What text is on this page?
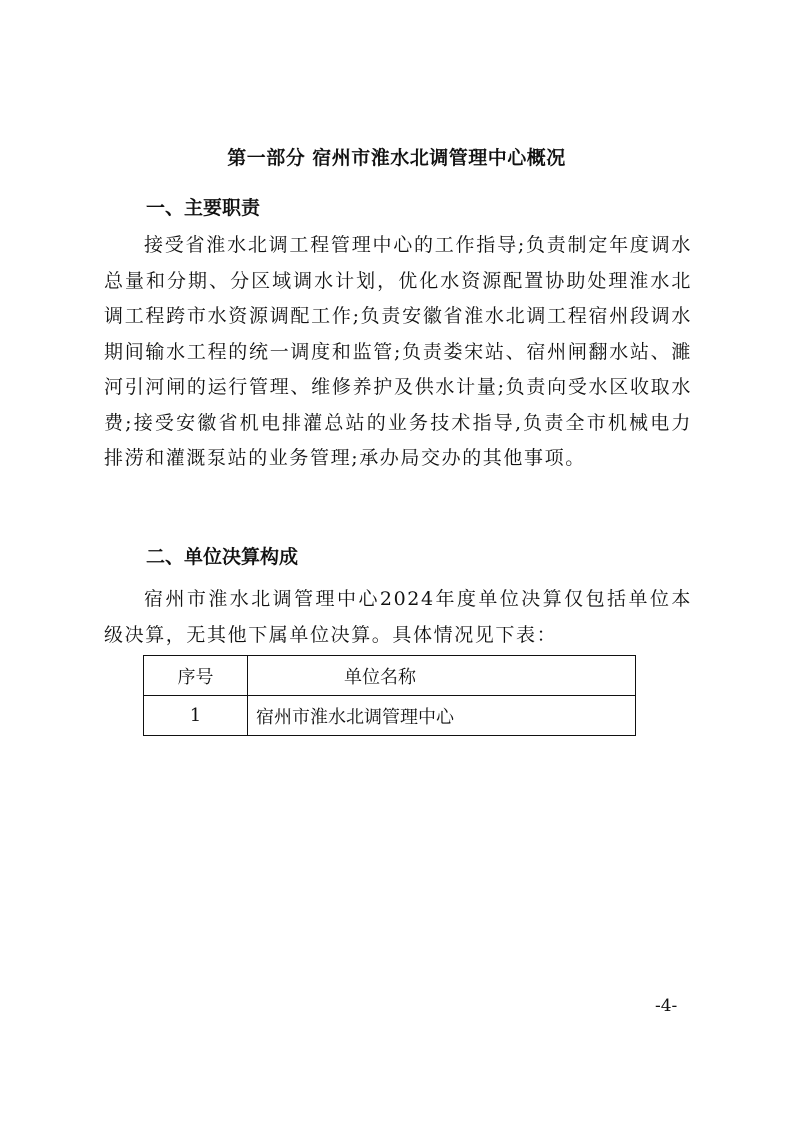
第一部分 宿州市淮水北调管理中心概况
一、主要职责

接受省淮水北调工程管理中心的工作指导;负责制定年度调水总量和分期、分区域调水计划，优化水资源配置协助处理淮水北调工程跨市水资源调配工作;负责安徽省淮水北调工程宿州段调水期间输水工程的统一调度和监管;负责娄宋站、宿州闸翻水站、濉河引河闸的运行管理、维修养护及供水计量;负责向受水区收取水费;接受安徽省机电排灌总站的业务技术指导,负责全市机械电力排涝和灌溉泵站的业务管理;承办局交办的其他事项。

二、单位决算构成

宿州市淮水北调管理中心2024年度单位决算仅包括单位本级决算，无其他下属单位决算。具体情况见下表：

序号	单位名称
1	宿州市淮水北调管理中心
-4-
